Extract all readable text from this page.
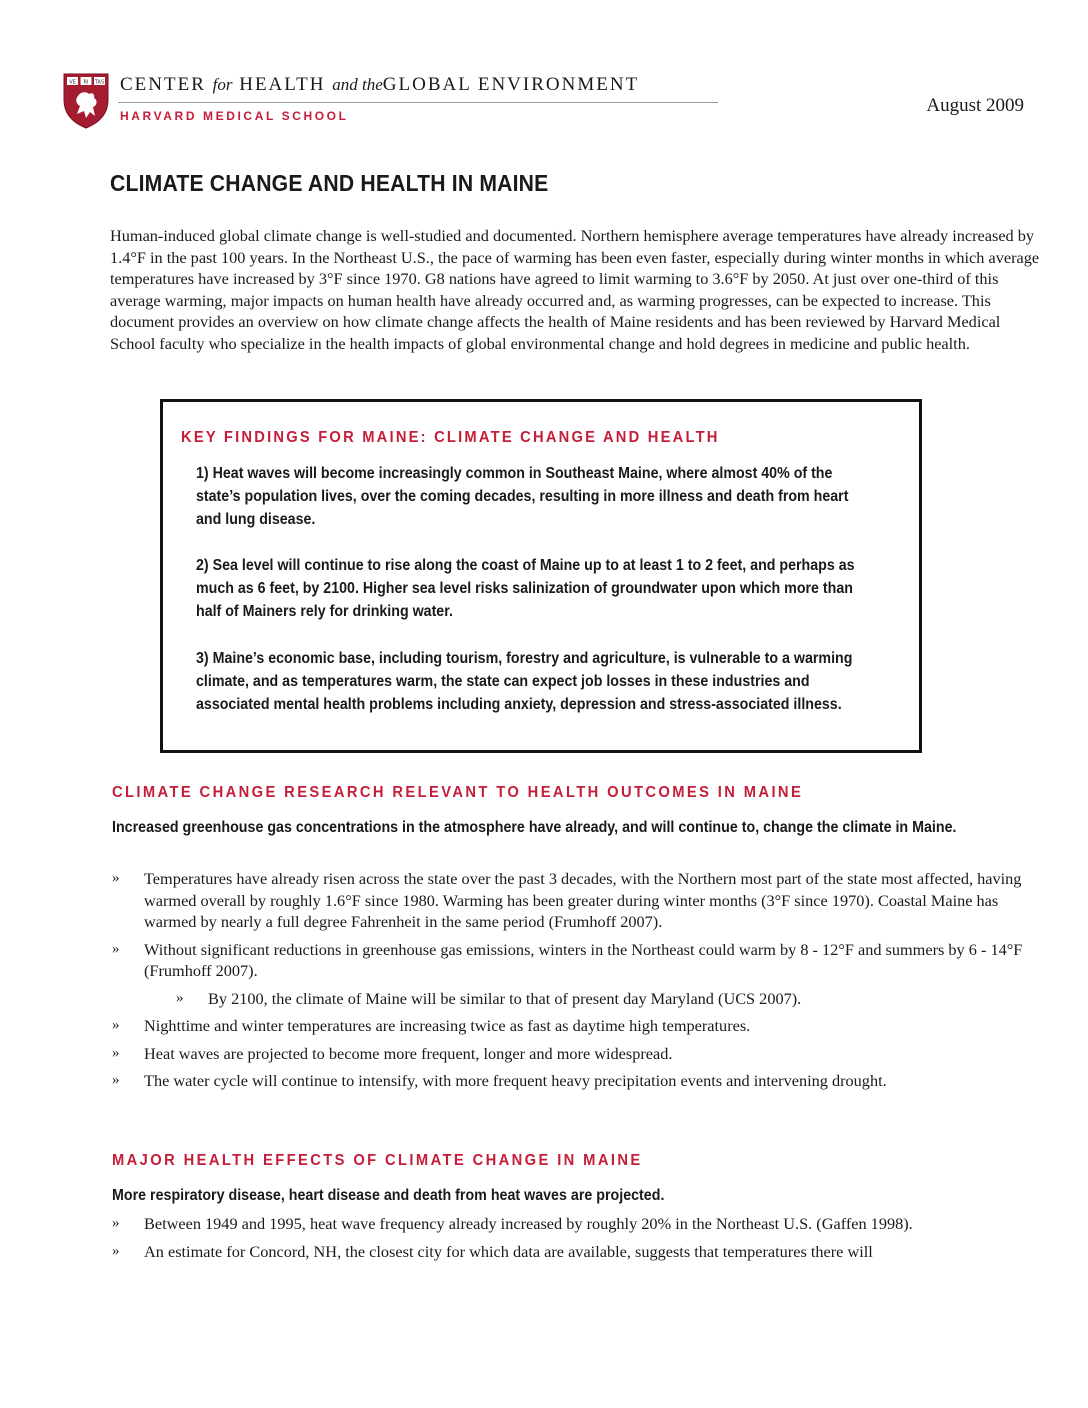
VE RI TAS CENTER for HEALTH and theGLOBAL ENVIRONMENT
HARVARD MEDICAL SCHOOL	August 2009
CLIMATE CHANGE AND HEALTH IN MAINE

Human-induced global climate change is well-studied and documented. Northern hemisphere average temperatures have already increased by 1.4°F in the past 100 years. In the Northeast U.S., the pace of warming has been even faster, especially during winter months in which average temperatures have increased by 3°F since 1970. G8 nations have agreed to limit warming to 3.6°F by 2050. At just over one-third of this average warming, major impacts on human health have already occurred and, as warming progresses, can be expected to increase. This document provides an overview on how climate change affects the health of Maine residents and has been reviewed by Harvard Medical School faculty who specialize in the health impacts of global environmental change and hold degrees in medicine and public health.

KEY FINDINGS FOR MAINE: CLIMATE CHANGE AND HEALTH

1) Heat waves will become increasingly common in Southeast Maine, where almost 40% of the state’s population lives, over the coming decades, resulting in more illness and death from heart and lung disease.

2) Sea level will continue to rise along the coast of Maine up to at least 1 to 2 feet, and perhaps as much as 6 feet, by 2100. Higher sea level risks salinization of groundwater upon which more than half of Mainers rely for drinking water.

3) Maine’s economic base, including tourism, forestry and agriculture, is vulnerable to a warming climate, and as temperatures warm, the state can expect job losses in these industries and associated mental health problems including anxiety, depression and stress-associated illness.

CLIMATE CHANGE RESEARCH RELEVANT TO HEALTH OUTCOMES IN MAINE

Increased greenhouse gas concentrations in the atmosphere have already, and will continue to, change the climate in Maine.

» Temperatures have already risen across the state over the past 3 decades, with the Northern most part of the state most affected, having warmed overall by roughly 1.6°F since 1980. Warming has been greater during winter months (3°F since 1970). Coastal Maine has warmed by nearly a full degree Fahrenheit in the same period (Frumhoff 2007).
» Without significant reductions in greenhouse gas emissions, winters in the Northeast could warm by 8 - 12°F and summers by 6 - 14°F (Frumhoff 2007).
» By 2100, the climate of Maine will be similar to that of present day Maryland (UCS 2007).
» Nighttime and winter temperatures are increasing twice as fast as daytime high temperatures.
» Heat waves are projected to become more frequent, longer and more widespread.
» The water cycle will continue to intensify, with more frequent heavy precipitation events and intervening drought.
MAJOR HEALTH EFFECTS OF CLIMATE CHANGE IN MAINE

More respiratory disease, heart disease and death from heat waves are projected.

» Between 1949 and 1995, heat wave frequency already increased by roughly 20% in the Northeast U.S. (Gaffen 1998).
» An estimate for Concord, NH, the closest city for which data are available, suggests that temperatures there will
